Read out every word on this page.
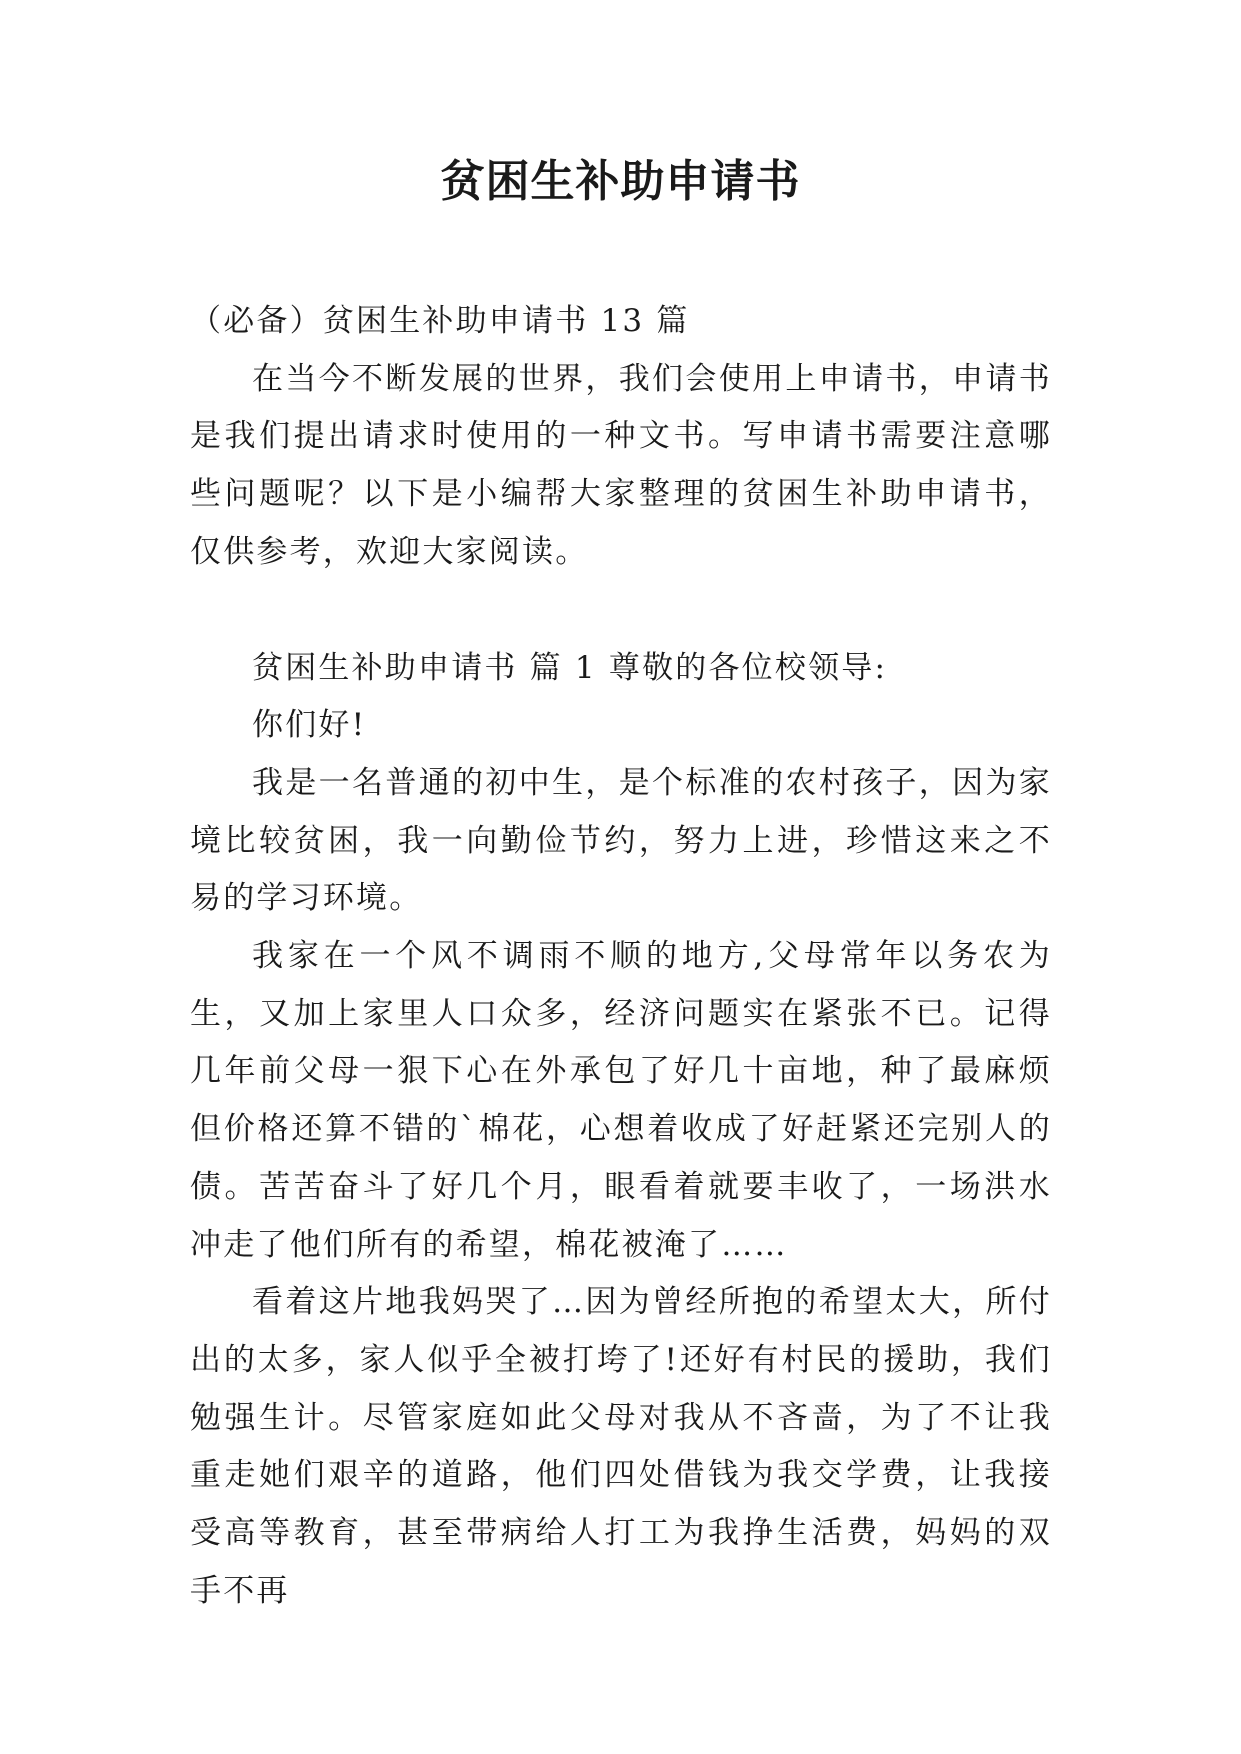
贫困生补助申请书

（必备）贫困生补助申请书 13 篇

在当今不断发展的世界，我们会使用上申请书，申请书是我们提出请求时使用的一种文书。写申请书需要注意哪些问题呢？以下是小编帮大家整理的贫困生补助申请书，仅供参考，欢迎大家阅读。

贫困生补助申请书 篇 1 尊敬的各位校领导:

你们好!

我是一名普通的初中生，是个标准的农村孩子，因为家境比较贫困，我一向勤俭节约，努力上进，珍惜这来之不易的学习环境。

我家在一个风不调雨不顺的地方,父母常年以务农为生，又加上家里人口众多，经济问题实在紧张不已。记得几年前父母一狠下心在外承包了好几十亩地，种了最麻烦但价格还算不错的`棉花，心想着收成了好赶紧还完别人的债。苦苦奋斗了好几个月，眼看着就要丰收了，一场洪水冲走了他们所有的希望，棉花被淹了……

看着这片地我妈哭了…因为曾经所抱的希望太大，所付出的太多，家人似乎全被打垮了!还好有村民的援助，我们勉强生计。尽管家庭如此父母对我从不吝啬，为了不让我重走她们艰辛的道路，他们四处借钱为我交学费，让我接受高等教育，甚至带病给人打工为我挣生活费，妈妈的双手不再
